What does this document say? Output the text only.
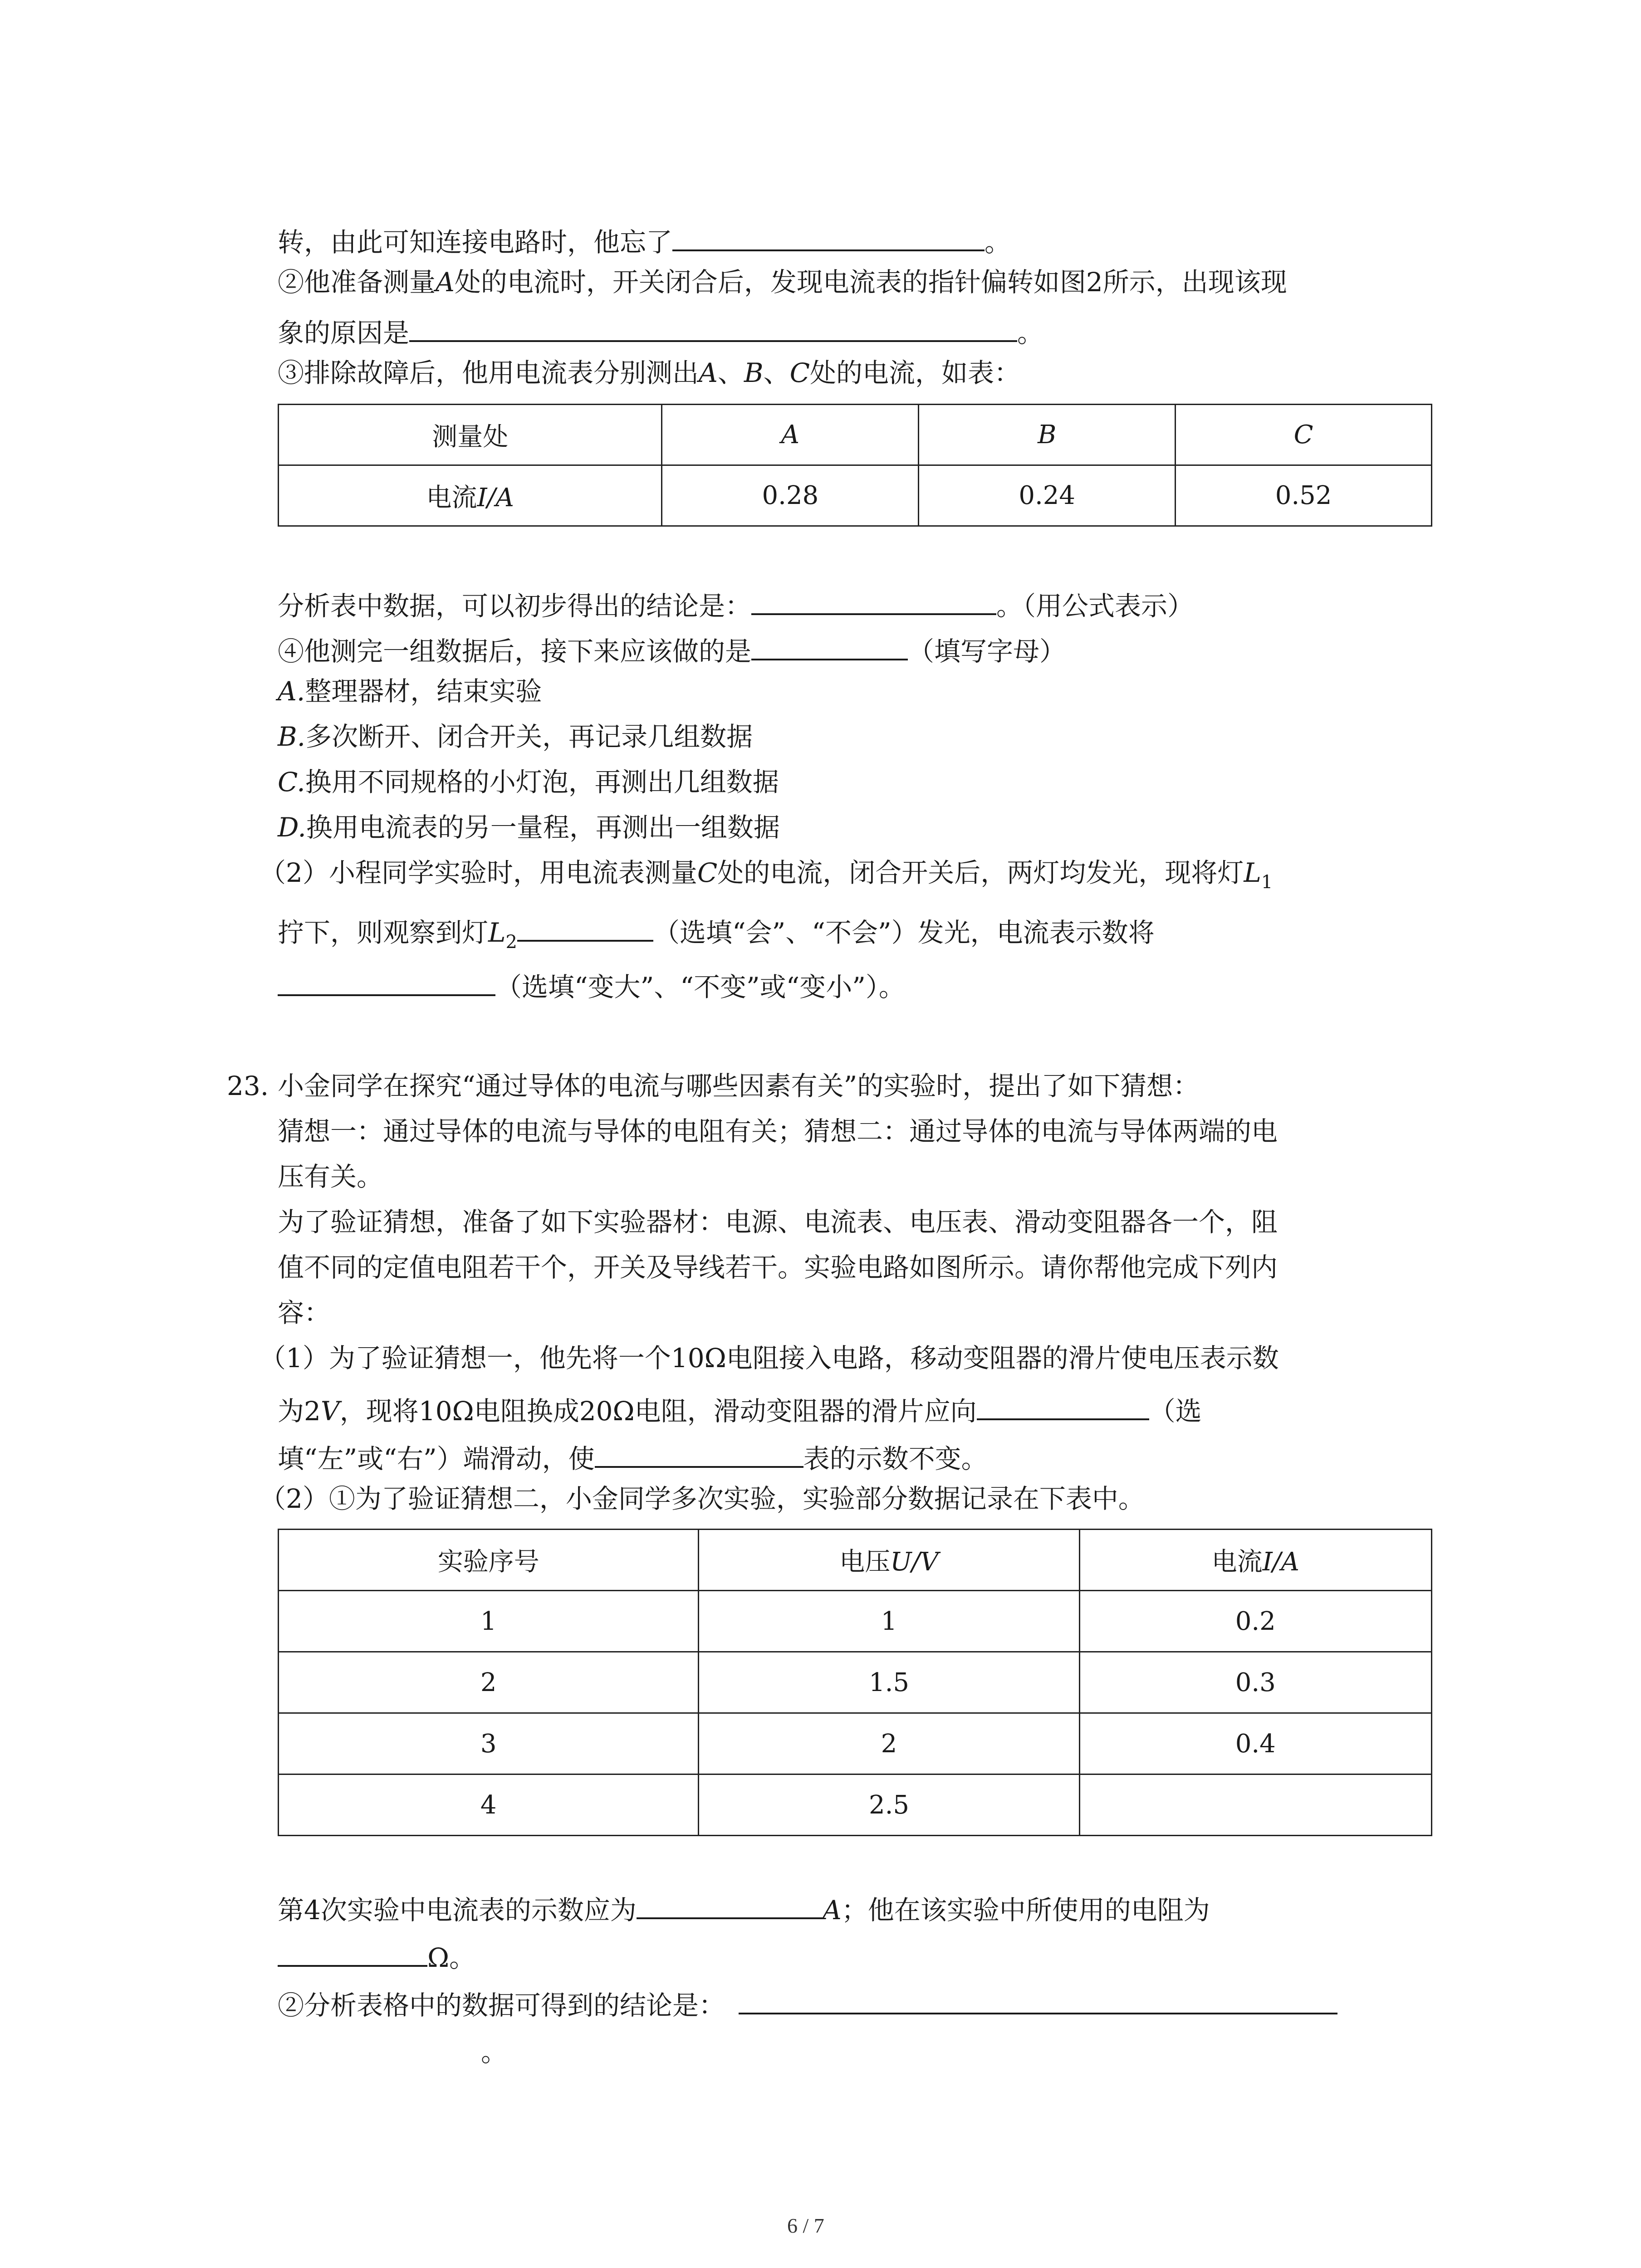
转，由此可知连接电路时，他忘了	。
②他准备测量A处的电流时，开关闭合后，发现电流表的指针偏转如图2所示，出现该现
象的原因是	。
③排除故障后，他用电流表分别测出A、B、C处的电流，如表：
测量处	A	B	C
电流I/A	0.28	0.24	0.52
分析表中数据，可以初步得出的结论是：	。（用公式表示）
④他测完一组数据后，接下来应该做的是	（填写字母）
A.整理器材，结束实验
B.多次断开、闭合开关，再记录几组数据
C.换用不同规格的小灯泡，再测出几组数据
D.换用电流表的另一量程，再测出一组数据
（2）小程同学实验时，用电流表测量C处的电流，闭合开关后，两灯均发光，现将灯$L_1$
拧下，则观察到灯$L_2$	（选填“会”、“不会”）发光，电流表示数将
（选填“变大”、“不变”或“变小”）。
23. 小金同学在探究“通过导体的电流与哪些因素有关”的实验时，提出了如下猜想：
猜想一：通过导体的电流与导体的电阻有关；猜想二：通过导体的电流与导体两端的电
压有关。
为了验证猜想，准备了如下实验器材：电源、电流表、电压表、滑动变阻器各一个，阻
值不同的定值电阻若干个，开关及导线若干。实验电路如图所示。请你帮他完成下列内
容：
（1）为了验证猜想一，他先将一个10Ω电阻接入电路，移动变阻器的滑片使电压表示数
为2V，现将10Ω电阻换成20Ω电阻，滑动变阻器的滑片应向	（选
填“左”或“右”）端滑动，使	表的示数不变。
（2）①为了验证猜想二，小金同学多次实验，实验部分数据记录在下表中。
实验序号	电压U/V	电流I/A
1	1	0.2
2	1.5	0.3
3	2	0.4
4	2.5	
第4次实验中电流表的示数应为	A；他在该实验中所使用的电阻为
Ω。
②分析表格中的数据可得到的结论是：
。
6 / 7
